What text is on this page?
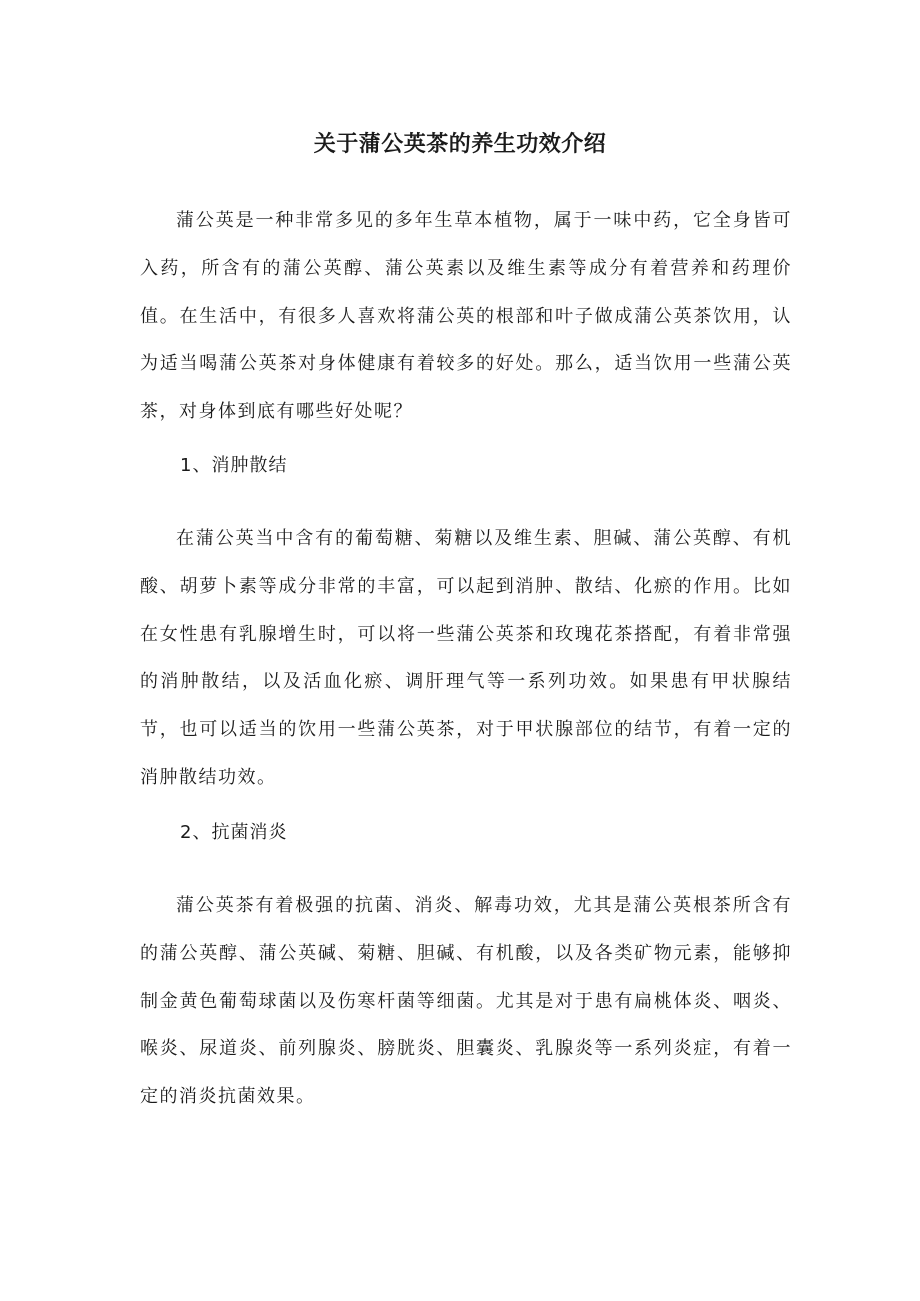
关于蒲公英茶的养生功效介绍

蒲公英是一种非常多见的多年生草本植物，属于一味中药，它全身皆可入药，所含有的蒲公英醇、蒲公英素以及维生素等成分有着营养和药理价值。在生活中，有很多人喜欢将蒲公英的根部和叶子做成蒲公英茶饮用，认为适当喝蒲公英茶对身体健康有着较多的好处。那么，适当饮用一些蒲公英茶，对身体到底有哪些好处呢？

1、消肿散结

在蒲公英当中含有的葡萄糖、菊糖以及维生素、胆碱、蒲公英醇、有机酸、胡萝卜素等成分非常的丰富，可以起到消肿、散结、化瘀的作用。比如在女性患有乳腺增生时，可以将一些蒲公英茶和玫瑰花茶搭配，有着非常强的消肿散结，以及活血化瘀、调肝理气等一系列功效。如果患有甲状腺结节，也可以适当的饮用一些蒲公英茶，对于甲状腺部位的结节，有着一定的消肿散结功效。

2、抗菌消炎

蒲公英茶有着极强的抗菌、消炎、解毒功效，尤其是蒲公英根茶所含有的蒲公英醇、蒲公英碱、菊糖、胆碱、有机酸，以及各类矿物元素，能够抑制金黄色葡萄球菌以及伤寒杆菌等细菌。尤其是对于患有扁桃体炎、咽炎、喉炎、尿道炎、前列腺炎、膀胱炎、胆囊炎、乳腺炎等一系列炎症，有着一定的消炎抗菌效果。
